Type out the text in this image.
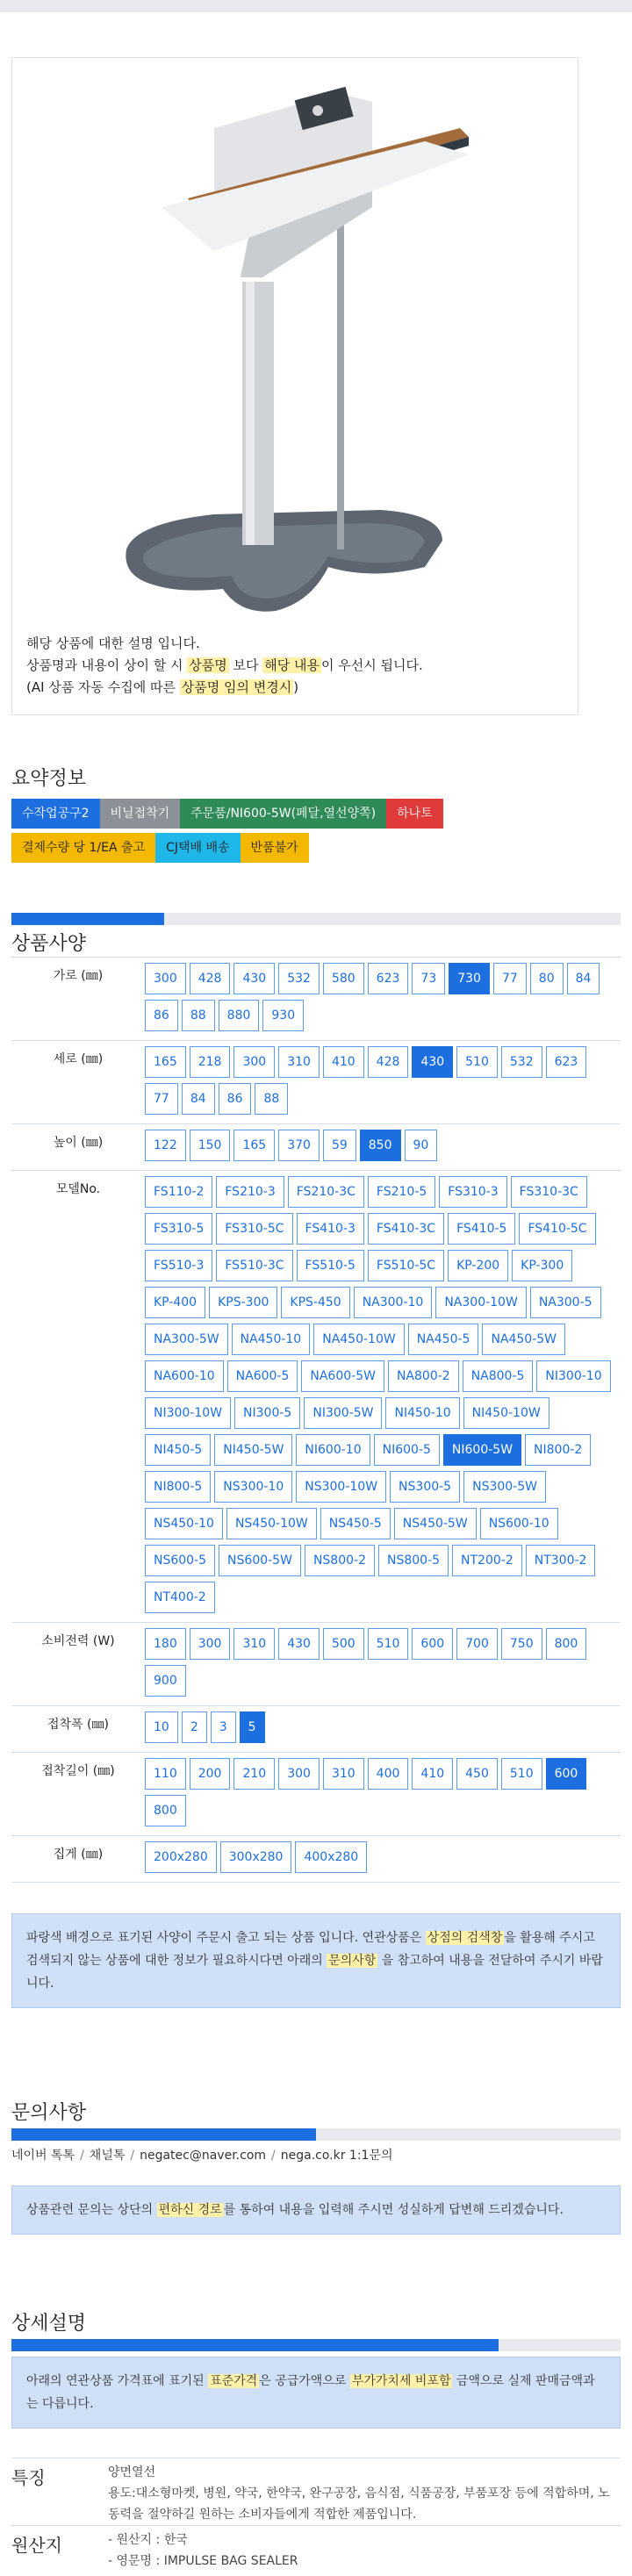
해당 상품에 대한 설명 입니다.
상품명과 내용이 상이 할 시 상품명 보다 해당 내용 이 우선시 됩니다.
(AI 상품 자동 수집에 따른 상품명 임의 변경시 )
요약정보
수작업공구2	비닐접착기	주문품/NI600-5W(페달,열선양쪽)	하나토
결제수량 당 1/EA 출고	CJ택배 배송	반품불가
상품사양
가로 (㎜)	300	428	430	532	580	623	73	730	77	80	84
86	88	880	930
세로 (㎜)	165	218	300	310	410	428	430	510	532	623
77	84	86	88
높이 (㎜)	122	150	165	370	59	850	90
모델No.	FS110-2	FS210-3	FS210-3C	FS210-5	FS310-3	FS310-3C
FS310-5	FS310-5C	FS410-3	FS410-3C	FS410-5	FS410-5C
FS510-3	FS510-3C	FS510-5	FS510-5C	KP-200	KP-300
KP-400	KPS-300	KPS-450	NA300-10	NA300-10W	NA300-5
NA300-5W	NA450-10	NA450-10W	NA450-5	NA450-5W
NA600-10	NA600-5	NA600-5W	NA800-2	NA800-5	NI300-10
NI300-10W	NI300-5	NI300-5W	NI450-10	NI450-10W
NI450-5	NI450-5W	NI600-10	NI600-5	NI600-5W	NI800-2
NI800-5	NS300-10	NS300-10W	NS300-5	NS300-5W
NS450-10	NS450-10W	NS450-5	NS450-5W	NS600-10
NS600-5	NS600-5W	NS800-2	NS800-5	NT200-2	NT300-2
NT400-2
소비전력 (W)	180	300	310	430	500	510	600	700	750	800
900
접착폭 (㎜)	10	2	3	5
접착길이 (㎜)	110	200	210	300	310	400	410	450	510	600
800
집게 (㎜)	200x280	300x280	400x280
파랑색 배경으로 표기된 사양이 주문시 출고 되는 상품 입니다. 연관상품은 상점의 검색창 을 활용해 주시고 검색되지 않는 상품에 대한 정보가 필요하시다면 아래의 문의사항 을 참고하여 내용을 전달하여 주시기 바랍니다.
문의사항
네이버 톡톡 / 채널톡 / negatec@naver.com / nega.co.kr 1:1문의
상품관련 문의는 상단의 편하신 경로 를 통하여 내용을 입력해 주시면 성실하게 답변해 드리겠습니다.
상세설명
아래의 연관상품 가격표에 표기된 표준가격 은 공급가액으로 부가가치세 비포함 금액으로 실제 판매금액과는 다릅니다.
특징	양면열선
용도:대소형마켓, 병원, 약국, 한약국, 완구공장, 음식점, 식품공장, 부품포장 등에 적합하며, 노동력을 절약하길 원하는 소비자들에게 적합한 제품입니다.
원산지	- 원산지 : 한국
- 영문명 : IMPULSE BAG SEALER
